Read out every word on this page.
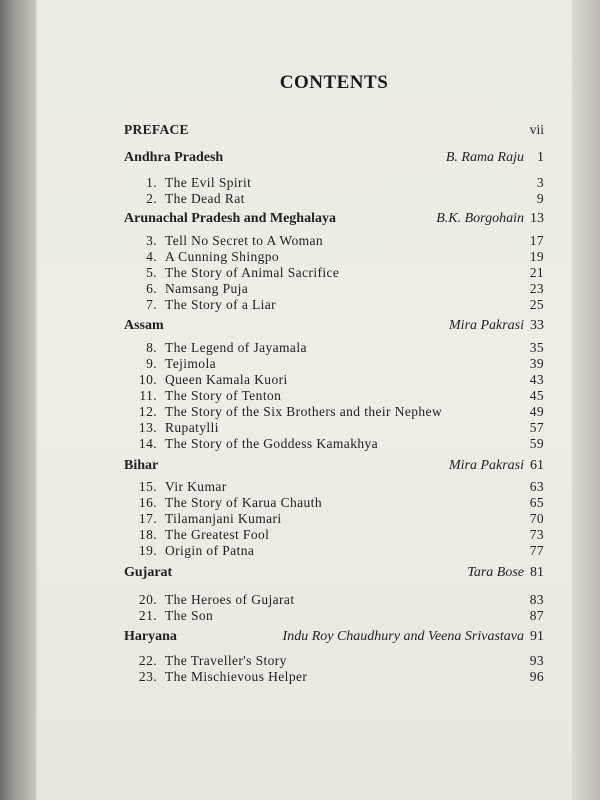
CONTENTS
PREFACE	vii
Andhra Pradesh	B. Rama Raju 1
1. The Evil Spirit	3
2. The Dead Rat	9
Arunachal Pradesh and Meghalaya	B.K. Borgohain 13
3. Tell No Secret to A Woman	17
4. A Cunning Shingpo	19
5. The Story of Animal Sacrifice	21
6. Namsang Puja	23
7. The Story of a Liar	25
Assam	Mira Pakrasi 33
8. The Legend of Jayamala	35
9. Tejimola	39
10. Queen Kamala Kuori	43
11. The Story of Tenton	45
12. The Story of the Six Brothers and their Nephew	49
13. Rupatylli	57
14. The Story of the Goddess Kamakhya	59
Bihar	Mira Pakrasi 61
15. Vir Kumar	63
16. The Story of Karua Chauth	65
17. Tilamanjani Kumari	70
18. The Greatest Fool	73
19. Origin of Patna	77
Gujarat	Tara Bose 81
20. The Heroes of Gujarat	83
21. The Son	87
Haryana	Indu Roy Chaudhury and Veena Srivastava 91
22. The Traveller's Story	93
23. The Mischievous Helper	96
